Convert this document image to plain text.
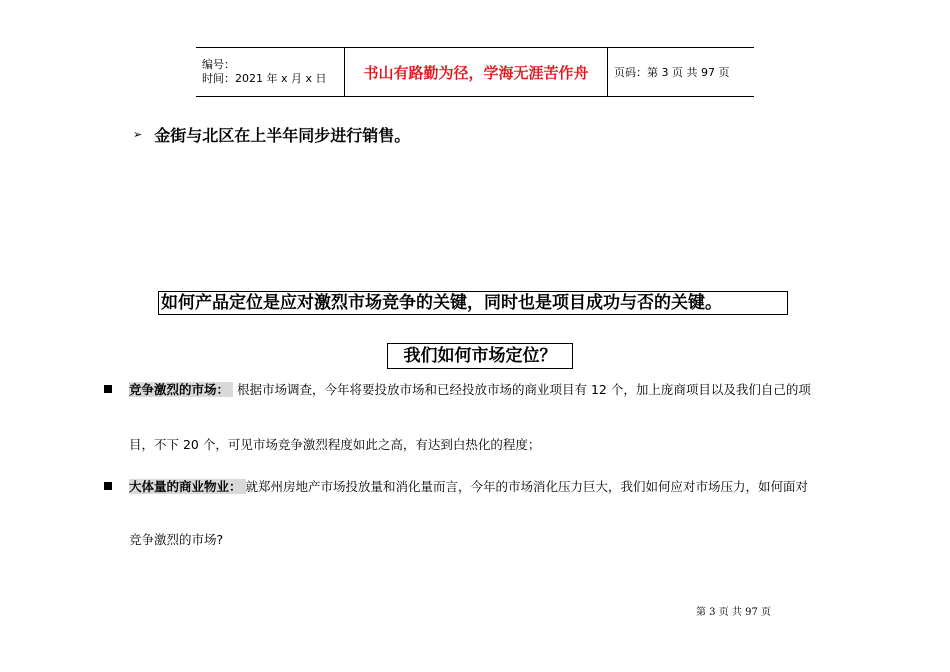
编号：
时间：2021 年 x 月 x 日	书山有路勤为径，学海无涯苦作舟	页码：第 3 页 共 97 页
➢ 金街与北区在上半年同步进行销售。
如何产品定位是应对激烈市场竞争的关键，同时也是项目成功与否的关键。
我们如何市场定位？
竞争激烈的市场： 根据市场调查，今年将要投放市场和已经投放市场的商业项目有 12 个，加上庞商项目以及我们自己的项
目，不下 20 个，可见市场竞争激烈程度如此之高，有达到白热化的程度；
大体量的商业物业： 就郑州房地产市场投放量和消化量而言，今年的市场消化压力巨大，我们如何应对市场压力，如何面对
竞争激烈的市场?
第 3 页 共 97 页
